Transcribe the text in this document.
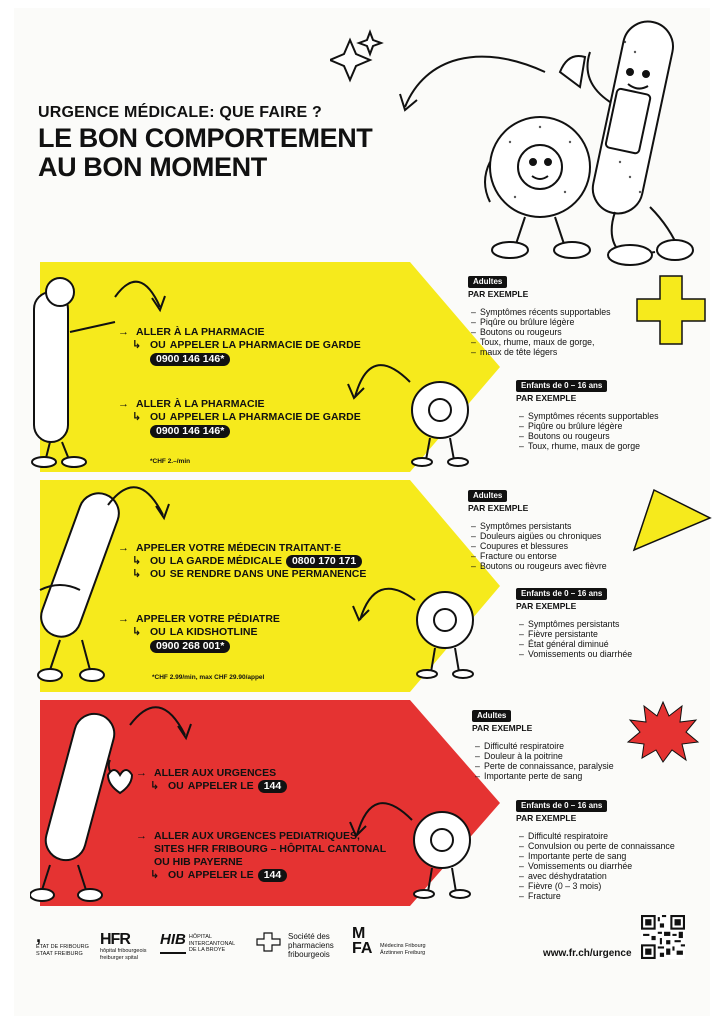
URGENCE MÉDICALE: QUE FAIRE ?
LE BON COMPORTEMENT
AU BON MOMENT
→ ALLER À LA PHARMACIE
↳ OU APPELER LA PHARMACIE DE GARDE
0900 146 146*
→ ALLER À LA PHARMACIE
↳ OU APPELER LA PHARMACIE DE GARDE
0900 146 146*
*CHF 2.–/min
Adultes
PAR EXEMPLE
– Symptômes récents supportables
– Piqûre ou brûlure légère
– Boutons ou rougeurs
– Toux, rhume, maux de gorge,
– maux de tête légers
Enfants de 0 – 16 ans
PAR EXEMPLE
– Symptômes récents supportables
– Piqûre ou brûlure légère
– Boutons ou rougeurs
– Toux, rhume, maux de gorge
→ APPELER VOTRE MÉDECIN TRAITANT·E
↳ OU LA GARDE MÉDICALE 0800 170 171
↳ OU SE RENDRE DANS UNE PERMANENCE
→ APPELER VOTRE PÉDIATRE
↳ OU LA KIDSHOTLINE
0900 268 001*
*CHF 2.99/min, max CHF 29.90/appel
Adultes
PAR EXEMPLE
– Symptômes persistants
– Douleurs aigües ou chroniques
– Coupures et blessures
– Fracture ou entorse
– Boutons ou rougeurs avec fièvre
Enfants de 0 – 16 ans
PAR EXEMPLE
– Symptômes persistants
– Fièvre persistante
– État général diminué
– Vomissements ou diarrhée
→ ALLER AUX URGENCES
↳ OU APPELER LE 144
→ ALLER AUX URGENCES PEDIATRIQUES,
SITES HFR FRIBOURG – HÔPITAL CANTONAL
OU HIB PAYERNE
↳ OU APPELER LE 144
Adultes
PAR EXEMPLE
– Difficulté respiratoire
– Douleur à la poitrine
– Perte de connaissance, paralysie
– Importante perte de sang
Enfants de 0 – 16 ans
PAR EXEMPLE
– Difficulté respiratoire
– Convulsion ou perte de connaissance
– Importante perte de sang
– Vomissements ou diarrhée
– avec déshydratation
– Fièvre (0 – 3 mois)
– Fracture
,
ETAT DE FRIBOURG
STAAT FREIBURG
HFR
hôpital fribourgeois
freiburger spital
HIB HÔPITAL
INTERCANTONAL
DE LA BROYE
Société des
pharmaciens
fribourgeois
MFA Médecins Fribourg
Ärztinnen Freiburg	www.fr.ch/urgence
